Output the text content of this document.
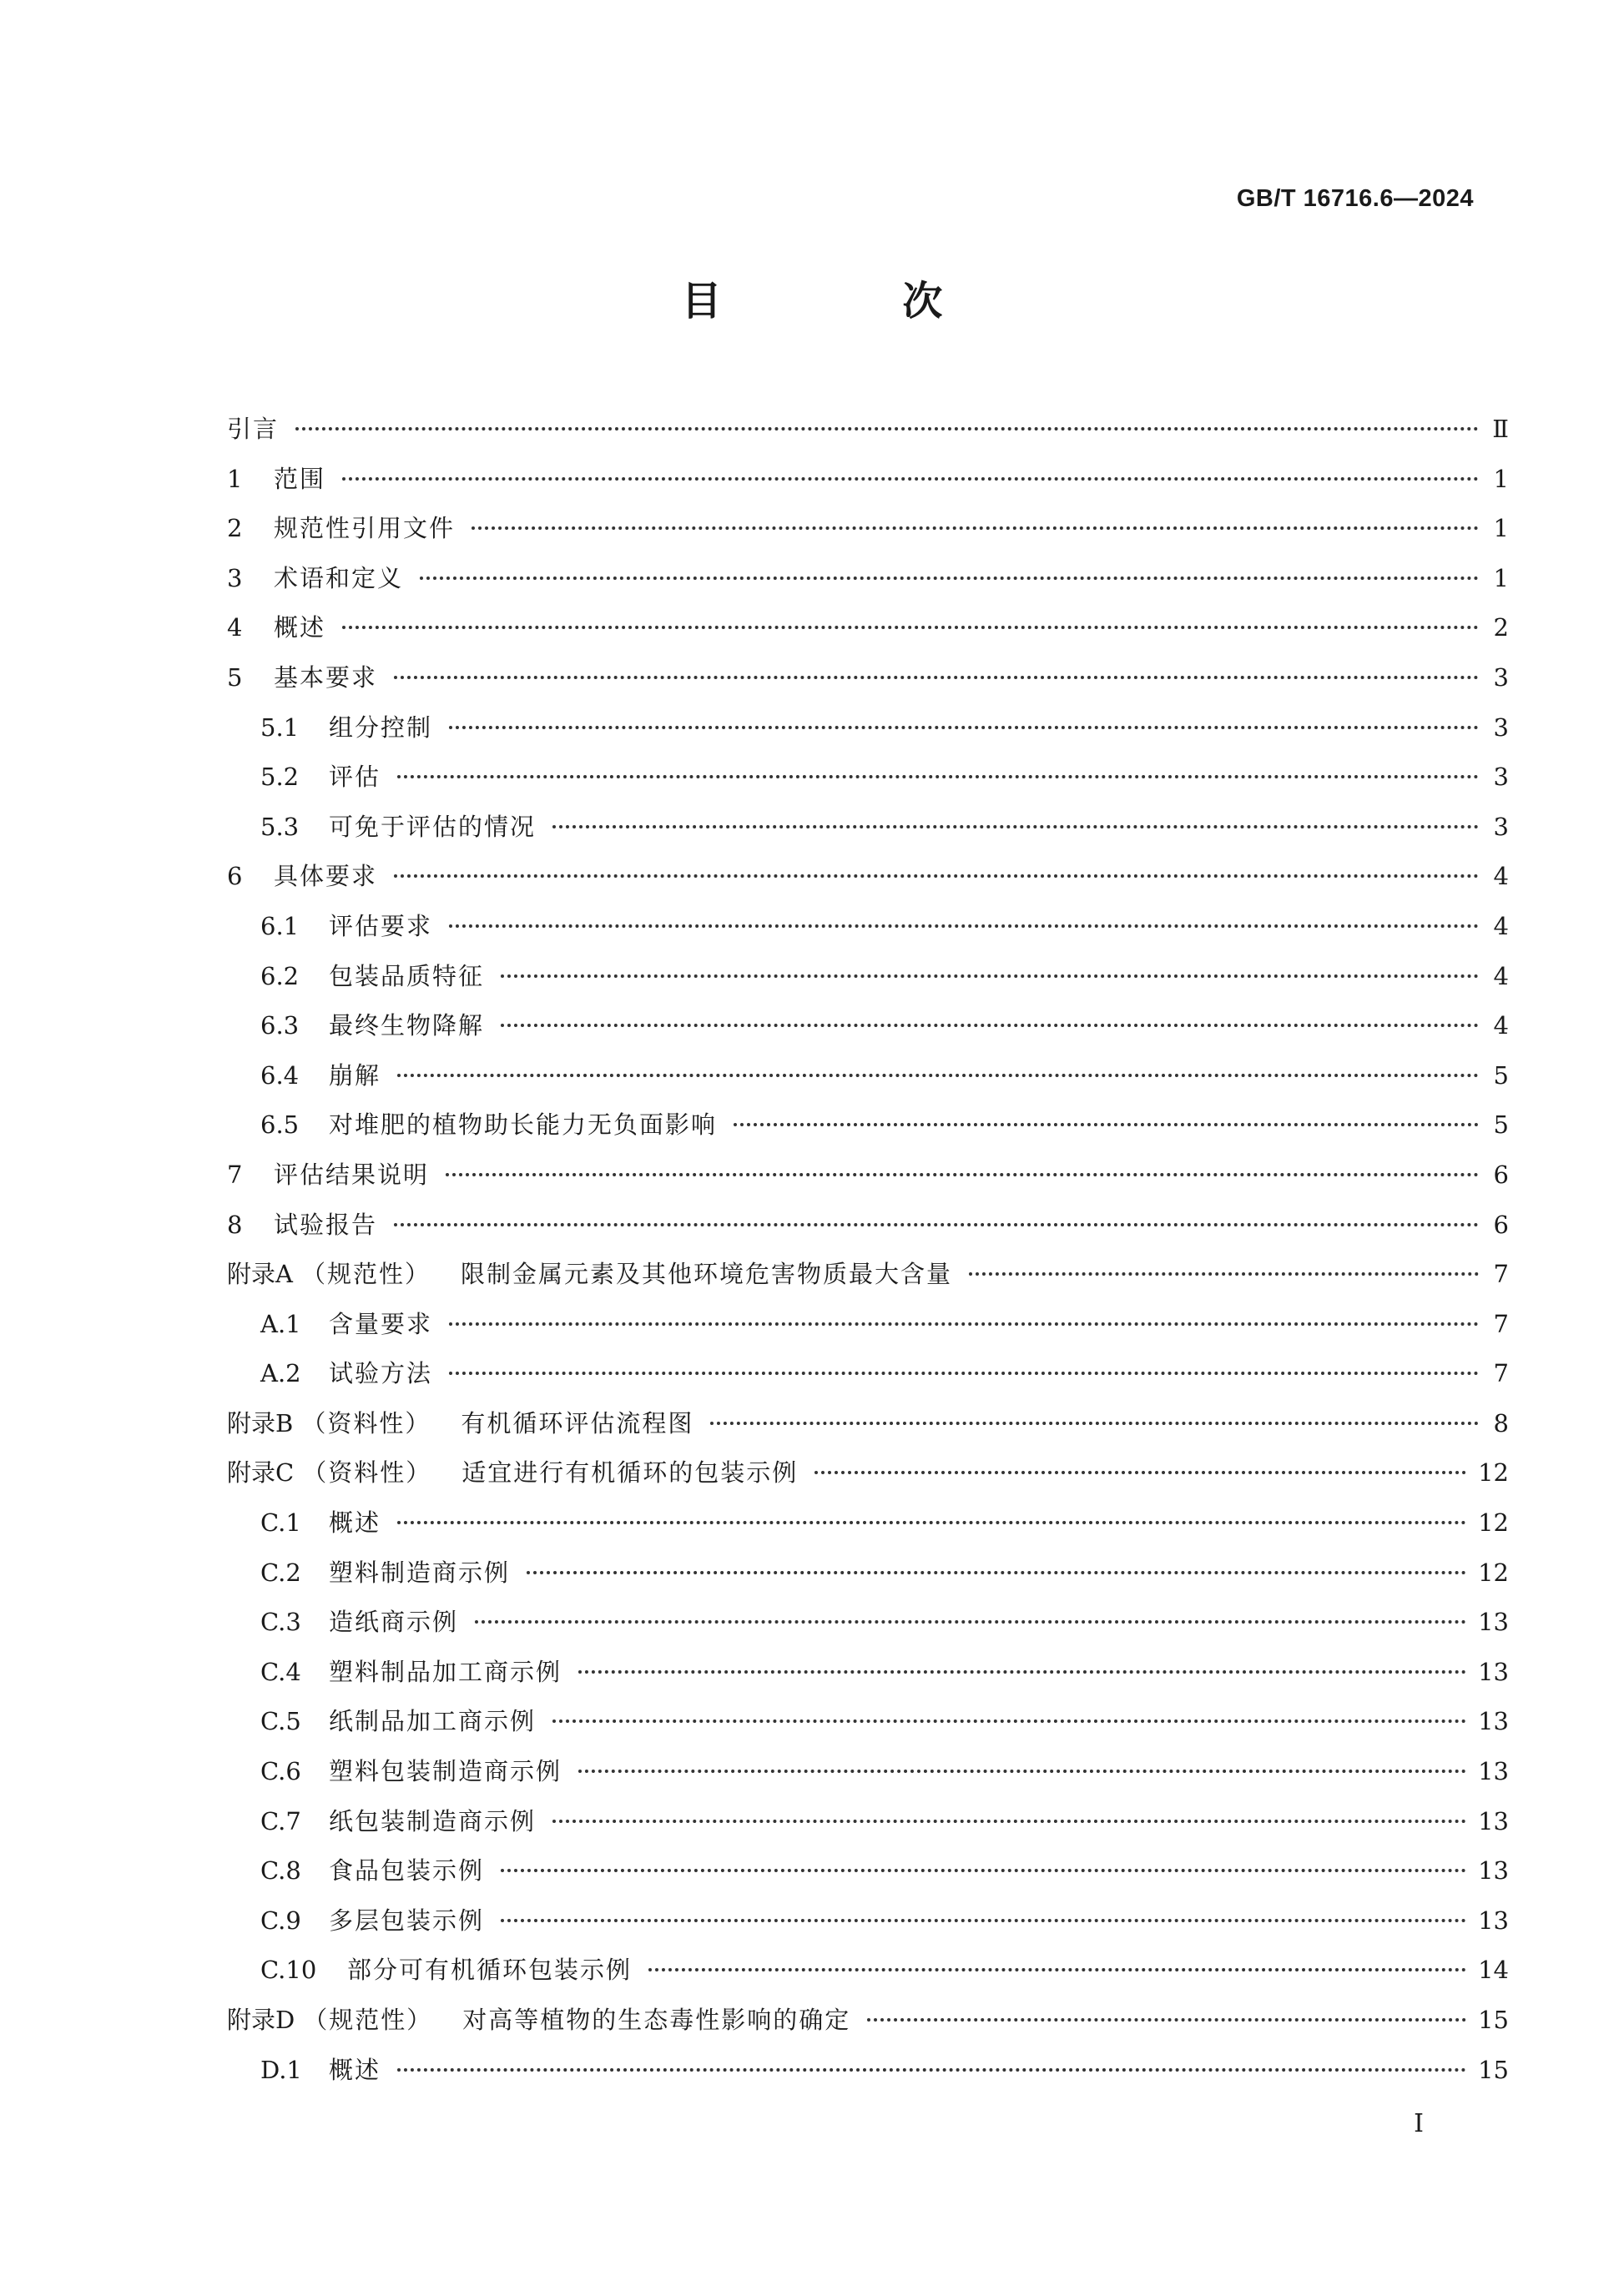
GB/T 16716.6—2024
目 次
引言	Ⅱ
1	范围	1
2	规范性引用文件	1
3	术语和定义	1
4	概述	2
5	基本要求	3
5.1	组分控制	3
5.2	评估	3
5.3	可免于评估的情况	3
6	具体要求	4
6.1	评估要求	4
6.2	包装品质特征	4
6.3	最终生物降解	4
6.4	崩解	5
6.5	对堆肥的植物助长能力无负面影响	5
7	评估结果说明	6
8	试验报告	6
附录A （规范性） 限制金属元素及其他环境危害物质最大含量	7
A.1	含量要求	7
A.2	试验方法	7
附录B （资料性） 有机循环评估流程图	8
附录C （资料性） 适宜进行有机循环的包装示例	12
C.1	概述	12
C.2	塑料制造商示例	12
C.3	造纸商示例	13
C.4	塑料制品加工商示例	13
C.5	纸制品加工商示例	13
C.6	塑料包装制造商示例	13
C.7	纸包装制造商示例	13
C.8	食品包装示例	13
C.9	多层包装示例	13
C.10	部分可有机循环包装示例	14
附录D （规范性） 对高等植物的生态毒性影响的确定	15
D.1	概述	15
I
